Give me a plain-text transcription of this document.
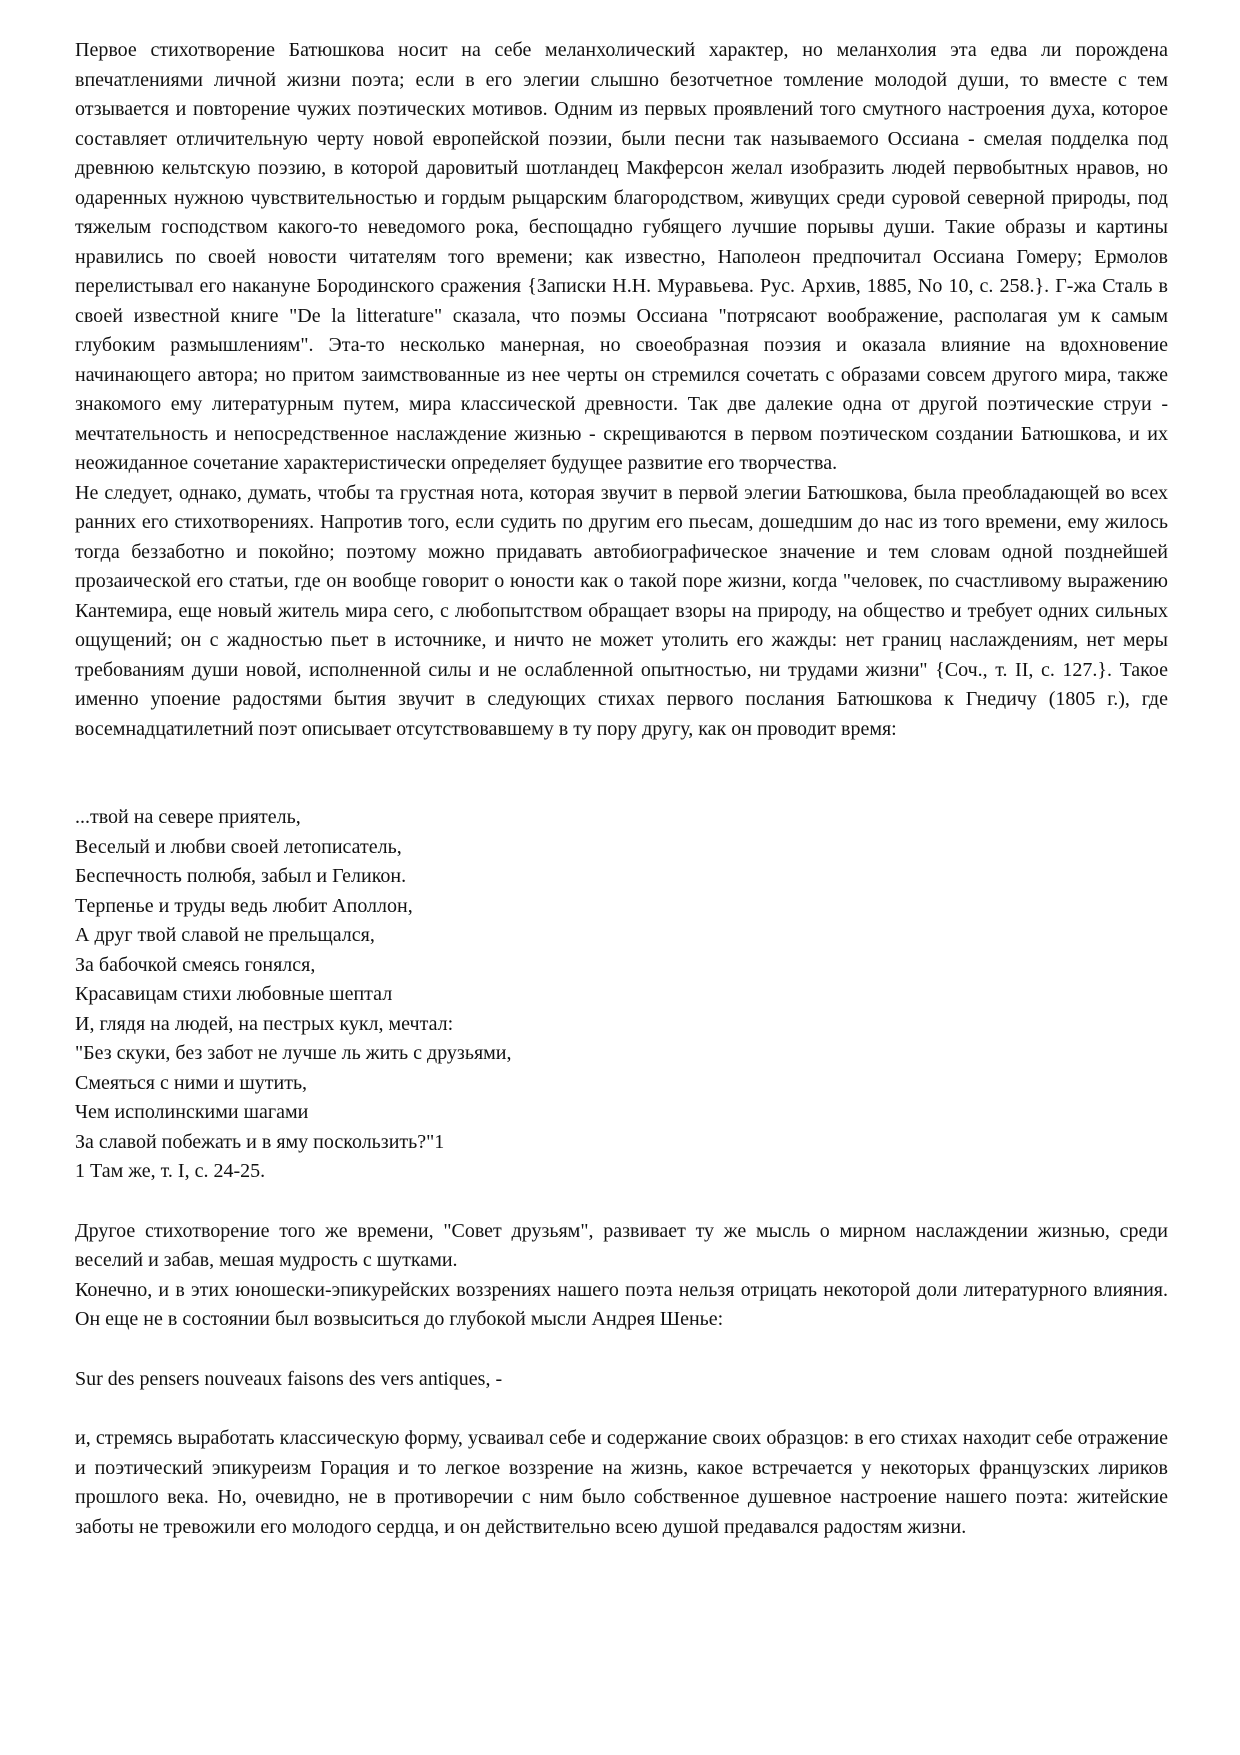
Первое стихотворение Батюшкова носит на себе меланхолический характер, но меланхолия эта едва ли порождена впечатлениями личной жизни поэта; если в его элегии слышно безотчетное томление молодой души, то вместе с тем отзывается и повторение чужих поэтических мотивов. Одним из первых проявлений того смутного настроения духа, которое составляет отличительную черту новой европейской поэзии, были песни так называемого Оссиана - смелая подделка под древнюю кельтскую поэзию, в которой даровитый шотландец Макферсон желал изобразить людей первобытных нравов, но одаренных нужною чувствительностью и гордым рыцарским благородством, живущих среди суровой северной природы, под тяжелым господством какого-то неведомого рока, беспощадно губящего лучшие порывы души. Такие образы и картины нравились по своей новости читателям того времени; как известно, Наполеон предпочитал Оссиана Гомеру; Ермолов перелистывал его накануне Бородинского сражения {Записки Н.Н. Муравьева. Рус. Архив, 1885, No 10, с. 258.}. Г-жа Сталь в своей известной книге "De la litterature" сказала, что поэмы Оссиана "потрясают воображение, располагая ум к самым глубоким размышлениям". Эта-то несколько манерная, но своеобразная поэзия и оказала влияние на вдохновение начинающего автора; но притом заимствованные из нее черты он стремился сочетать с образами совсем другого мира, также знакомого ему литературным путем, мира классической древности. Так две далекие одна от другой поэтические струи - мечтательность и непосредственное наслаждение жизнью - скрещиваются в первом поэтическом создании Батюшкова, и их неожиданное сочетание характеристически определяет будущее развитие его творчества.

Не следует, однако, думать, чтобы та грустная нота, которая звучит в первой элегии Батюшкова, была преобладающей во всех ранних его стихотворениях. Напротив того, если судить по другим его пьесам, дошедшим до нас из того времени, ему жилось тогда беззаботно и покойно; поэтому можно придавать автобиографическое значение и тем словам одной позднейшей прозаической его статьи, где он вообще говорит о юности как о такой поре жизни, когда "человек, по счастливому выражению Кантемира, еще новый житель мира сего, с любопытством обращает взоры на природу, на общество и требует одних сильных ощущений; он с жадностью пьет в источнике, и ничто не может утолить его жажды: нет границ наслаждениям, нет меры требованиям души новой, исполненной силы и не ослабленной опытностью, ни трудами жизни" {Соч., т. II, с. 127.}. Такое именно упоение радостями бытия звучит в следующих стихах первого послания Батюшкова к Гнедичу (1805 г.), где восемнадцатилетний поэт описывает отсутствовавшему в ту пору другу, как он проводит время:

...твой на севере приятель,
Веселый и любви своей летописатель,
Беспечность полюбя, забыл и Геликон.
Терпенье и труды ведь любит Аполлон,
А друг твой славой не прельщался,
За бабочкой смеясь гонялся,
Красавицам стихи любовные шептал
И, глядя на людей, на пестрых кукл, мечтал:
"Без скуки, без забот не лучше ль жить с друзьями,
Смеяться с ними и шутить,
Чем исполинскими шагами
За славой побежать и в яму поскользить?"1
1 Там же, т. I, с. 24-25.

Другое стихотворение того же времени, "Совет друзьям", развивает ту же мысль о мирном наслаждении жизнью, среди веселий и забав, мешая мудрость с шутками.

Конечно, и в этих юношески-эпикурейских воззрениях нашего поэта нельзя отрицать некоторой доли литературного влияния. Он еще не в состоянии был возвыситься до глубокой мысли Андрея Шенье:

Sur des pensers nouveaux faisons des vers antiques, -

и, стремясь выработать классическую форму, усваивал себе и содержание своих образцов: в его стихах находит себе отражение и поэтический эпикуреизм Горация и то легкое воззрение на жизнь, какое встречается у некоторых французских лириков прошлого века. Но, очевидно, не в противоречии с ним было собственное душевное настроение нашего поэта: житейские заботы не тревожили его молодого сердца, и он действительно всею душой предавался радостям жизни.
